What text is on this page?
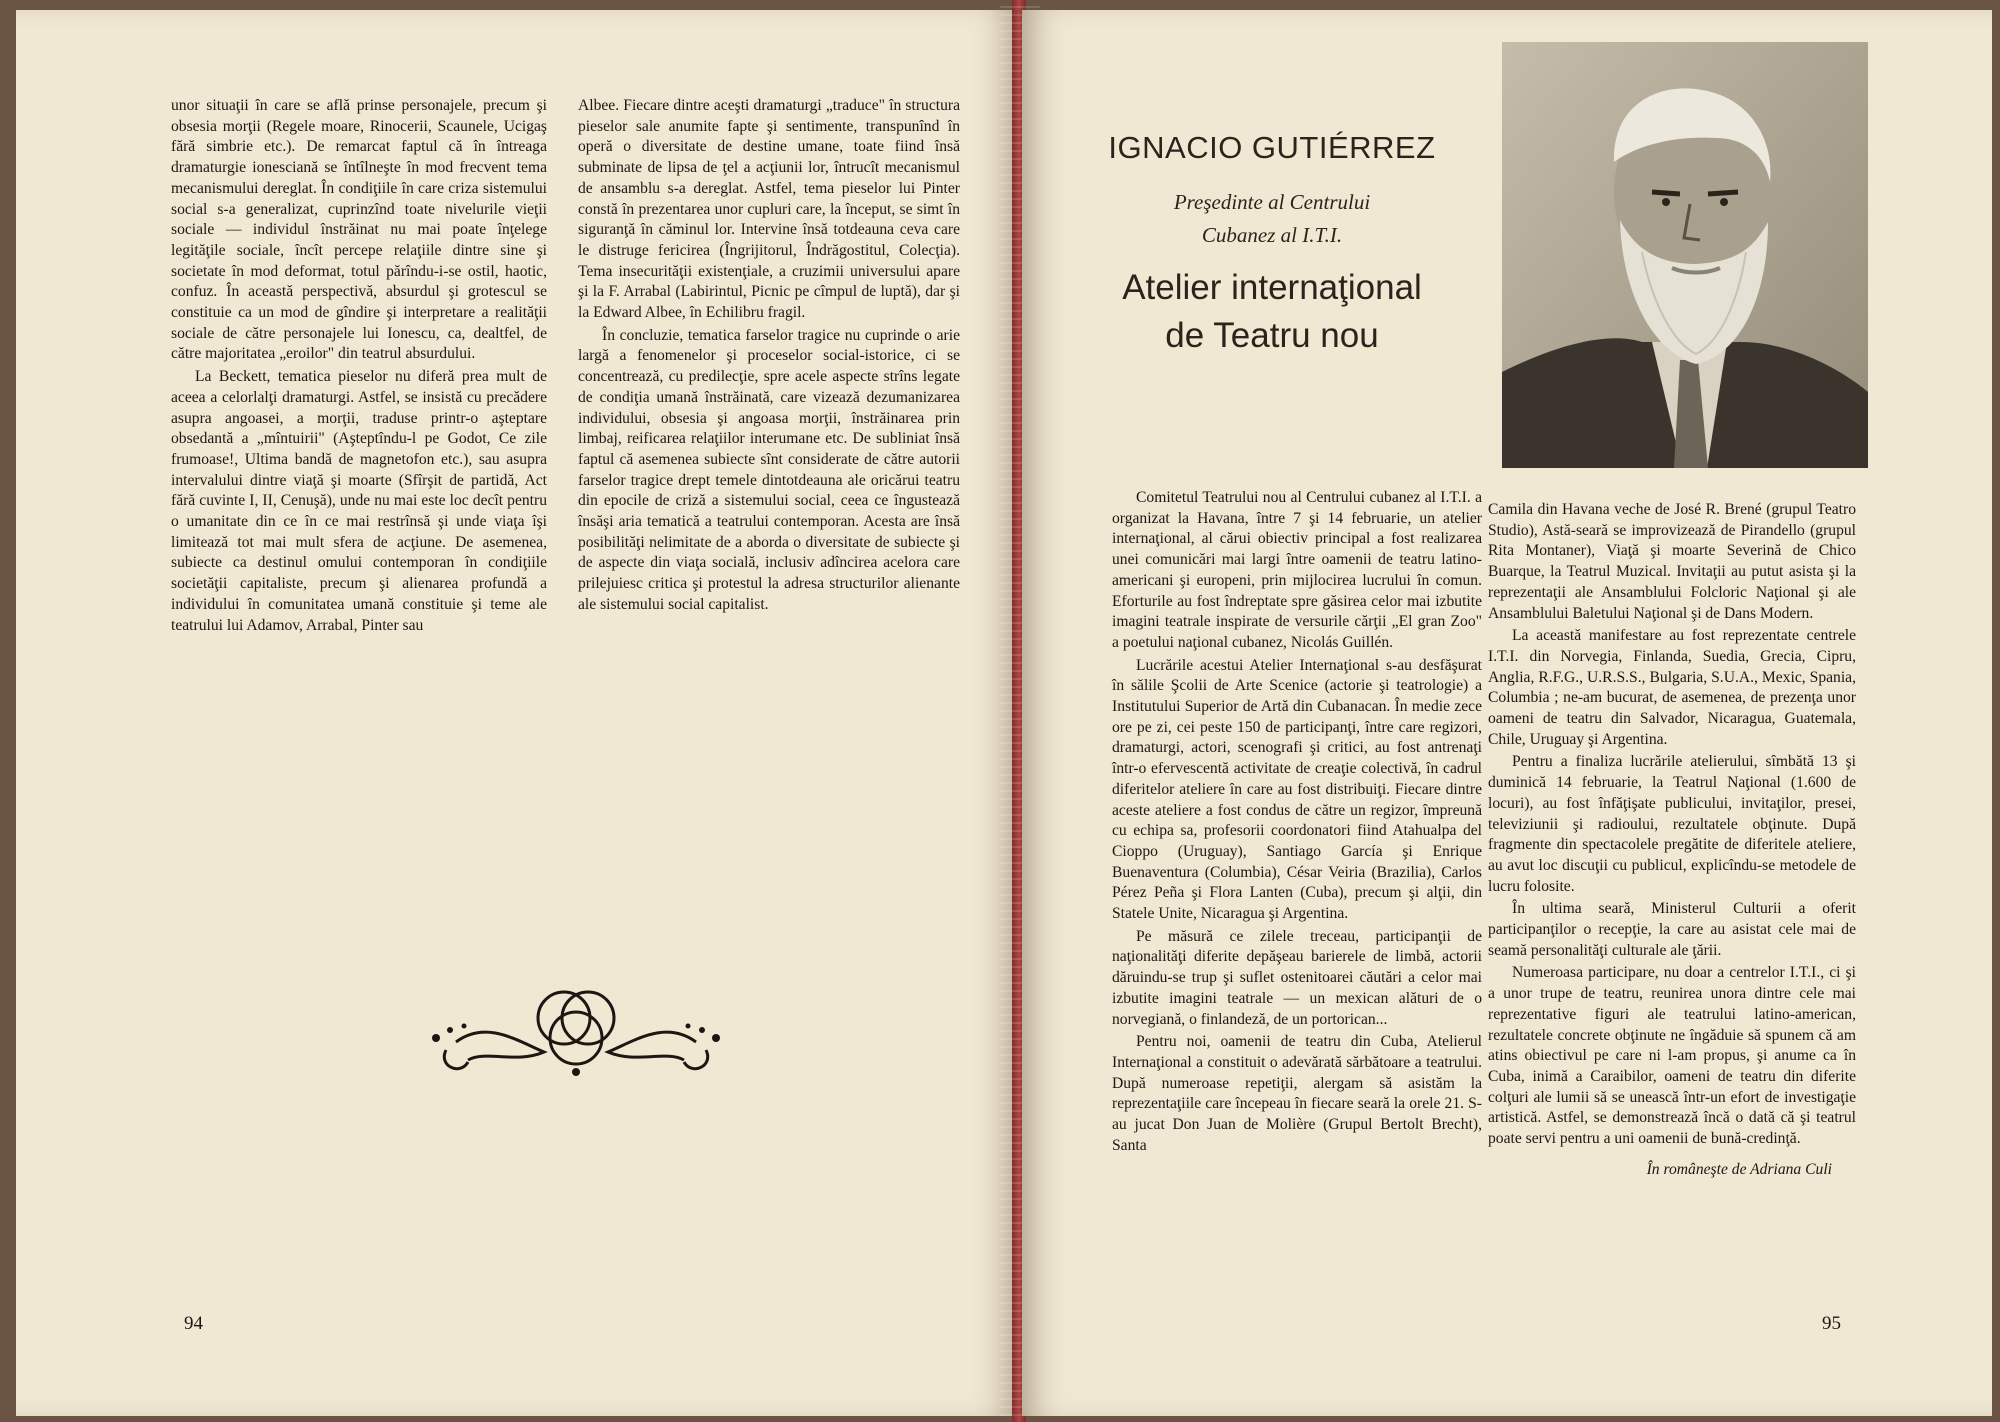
unor situaţii în care se află prinse personajele, precum şi obsesia morţii (Regele moare, Rinocerii, Scaunele, Ucigaş fără simbrie etc.). De remarcat faptul că în întreaga dramaturgie ionesciană se întîlneşte în mod frecvent tema mecanismului dereglat. În condiţiile în care criza sistemului social s-a generalizat, cuprinzînd toate nivelurile vieţii sociale — individul înstrăinat nu mai poate înţelege legităţile sociale, încît percepe relaţiile dintre sine şi societate în mod deformat, totul părîndu-i-se ostil, haotic, confuz. În această perspectivă, absurdul şi grotescul se constituie ca un mod de gîndire şi interpretare a realităţii sociale de către personajele lui Ionescu, ca, dealtfel, de către majoritatea „eroilor" din teatrul absurdului.

La Beckett, tematica pieselor nu diferă prea mult de aceea a celorlalţi dramaturgi. Astfel, se insistă cu precădere asupra angoasei, a morţii, traduse printr-o aşteptare obsedantă a „mîntuirii" (Aşteptîndu-l pe Godot, Ce zile frumoase!, Ultima bandă de magnetofon etc.), sau asupra intervalului dintre viaţă şi moarte (Sfîrşit de partidă, Act fără cuvinte I, II, Cenuşă), unde nu mai este loc decît pentru o umanitate din ce în ce mai restrînsă şi unde viaţa îşi limitează tot mai mult sfera de acţiune. De asemenea, subiecte ca destinul omului contemporan în condiţiile societăţii capitaliste, precum şi alienarea profundă a individului în comunitatea umană constituie şi teme ale teatrului lui Adamov, Arrabal, Pinter sau

Albee. Fiecare dintre aceşti dramaturgi „traduce" în structura pieselor sale anumite fapte şi sentimente, transpunînd în operă o diversitate de destine umane, toate fiind însă subminate de lipsa de ţel a acţiunii lor, întrucît mecanismul de ansamblu s-a dereglat. Astfel, tema pieselor lui Pinter constă în prezentarea unor cupluri care, la început, se simt în siguranţă în căminul lor. Intervine însă totdeauna ceva care le distruge fericirea (Îngrijitorul, Îndrăgostitul, Colecţia). Tema insecurităţii existenţiale, a cruzimii universului apare şi la F. Arrabal (Labirintul, Picnic pe cîmpul de luptă), dar şi la Edward Albee, în Echilibru fragil.

În concluzie, tematica farselor tragice nu cuprinde o arie largă a fenomenelor şi proceselor social-istorice, ci se concentrează, cu predilecţie, spre acele aspecte strîns legate de condiţia umană înstrăinată, care vizează dezumanizarea individului, obsesia şi angoasa morţii, înstrăinarea prin limbaj, reificarea relaţiilor interumane etc. De subliniat însă faptul că asemenea subiecte sînt considerate de către autorii farselor tragice drept temele dintotdeauna ale oricărui teatru din epocile de criză a sistemului social, ceea ce îngustează însăşi aria tematică a teatrului contemporan. Acesta are însă posibilităţi nelimitate de a aborda o diversitate de subiecte şi de aspecte din viaţa socială, inclusiv adîncirea acelora care prilejuiesc critica şi protestul la adresa structurilor alienante ale sistemului social capitalist.

94
IGNACIO GUTIÉRREZ
Preşedinte al Centrului
Cubanez al I.T.I.
Atelier internaţional
de Teatru nou

Comitetul Teatrului nou al Centrului cubanez al I.T.I. a organizat la Havana, între 7 şi 14 februarie, un atelier internaţional, al cărui obiectiv principal a fost realizarea unei comunicări mai largi între oamenii de teatru latino-americani şi europeni, prin mijlocirea lucrului în comun. Eforturile au fost îndreptate spre găsirea celor mai izbutite imagini teatrale inspirate de versurile cărţii „El gran Zoo" a poetului naţional cubanez, Nicolás Guillén.

Lucrările acestui Atelier Internaţional s-au desfăşurat în sălile Şcolii de Arte Scenice (actorie şi teatrologie) a Institutului Superior de Artă din Cubanacan. În medie zece ore pe zi, cei peste 150 de participanţi, între care regizori, dramaturgi, actori, scenografi şi critici, au fost antrenaţi într-o efervescentă activitate de creaţie colectivă, în cadrul diferitelor ateliere în care au fost distribuiţi. Fiecare dintre aceste ateliere a fost condus de către un regizor, împreună cu echipa sa, profesorii coordonatori fiind Atahualpa del Cioppo (Uruguay), Santiago García şi Enrique Buenaventura (Columbia), César Veiria (Brazilia), Carlos Pérez Peña şi Flora Lanten (Cuba), precum şi alţii, din Statele Unite, Nicaragua şi Argentina.

Pe măsură ce zilele treceau, participanţii de naţionalităţi diferite depăşeau barierele de limbă, actorii dăruindu-se trup şi suflet ostenitoarei căutări a celor mai izbutite imagini teatrale — un mexican alături de o norvegiană, o finlandeză, de un portorican...

Pentru noi, oamenii de teatru din Cuba, Atelierul Internaţional a constituit o adevărată sărbătoare a teatrului. După numeroase repetiţii, alergam să asistăm la reprezentaţiile care începeau în fiecare seară la orele 21. S-au jucat Don Juan de Molière (Grupul Bertolt Brecht), Santa

Camila din Havana veche de José R. Brené (grupul Teatro Studio), Astă-seară se improvizează de Pirandello (grupul Rita Montaner), Viaţă şi moarte Severină de Chico Buarque, la Teatrul Muzical. Invitaţii au putut asista şi la reprezentaţii ale Ansamblului Folcloric Naţional şi ale Ansamblului Baletului Naţional şi de Dans Modern.

La această manifestare au fost reprezentate centrele I.T.I. din Norvegia, Finlanda, Suedia, Grecia, Cipru, Anglia, R.F.G., U.R.S.S., Bulgaria, S.U.A., Mexic, Spania, Columbia ; ne-am bucurat, de asemenea, de prezenţa unor oameni de teatru din Salvador, Nicaragua, Guatemala, Chile, Uruguay şi Argentina.

Pentru a finaliza lucrările atelierului, sîmbătă 13 şi duminică 14 februarie, la Teatrul Naţional (1.600 de locuri), au fost înfăţişate publicului, invitaţilor, presei, televiziunii şi radioului, rezultatele obţinute. După fragmente din spectacolele pregătite de diferitele ateliere, au avut loc discuţii cu publicul, explicîndu-se metodele de lucru folosite.

În ultima seară, Ministerul Culturii a oferit participanţilor o recepţie, la care au asistat cele mai de seamă personalităţi culturale ale ţării.

Numeroasa participare, nu doar a centrelor I.T.I., ci şi a unor trupe de teatru, reunirea unora dintre cele mai reprezentative figuri ale teatrului latino-american, rezultatele concrete obţinute ne îngăduie să spunem că am atins obiectivul pe care ni l-am propus, şi anume ca în Cuba, inimă a Caraibilor, oameni de teatru din diferite colţuri ale lumii să se unească într-un efort de investigaţie artistică. Astfel, se demonstrează încă o dată că şi teatrul poate servi pentru a uni oamenii de bună-credinţă.

În româneşte de Adriana Culi
95
